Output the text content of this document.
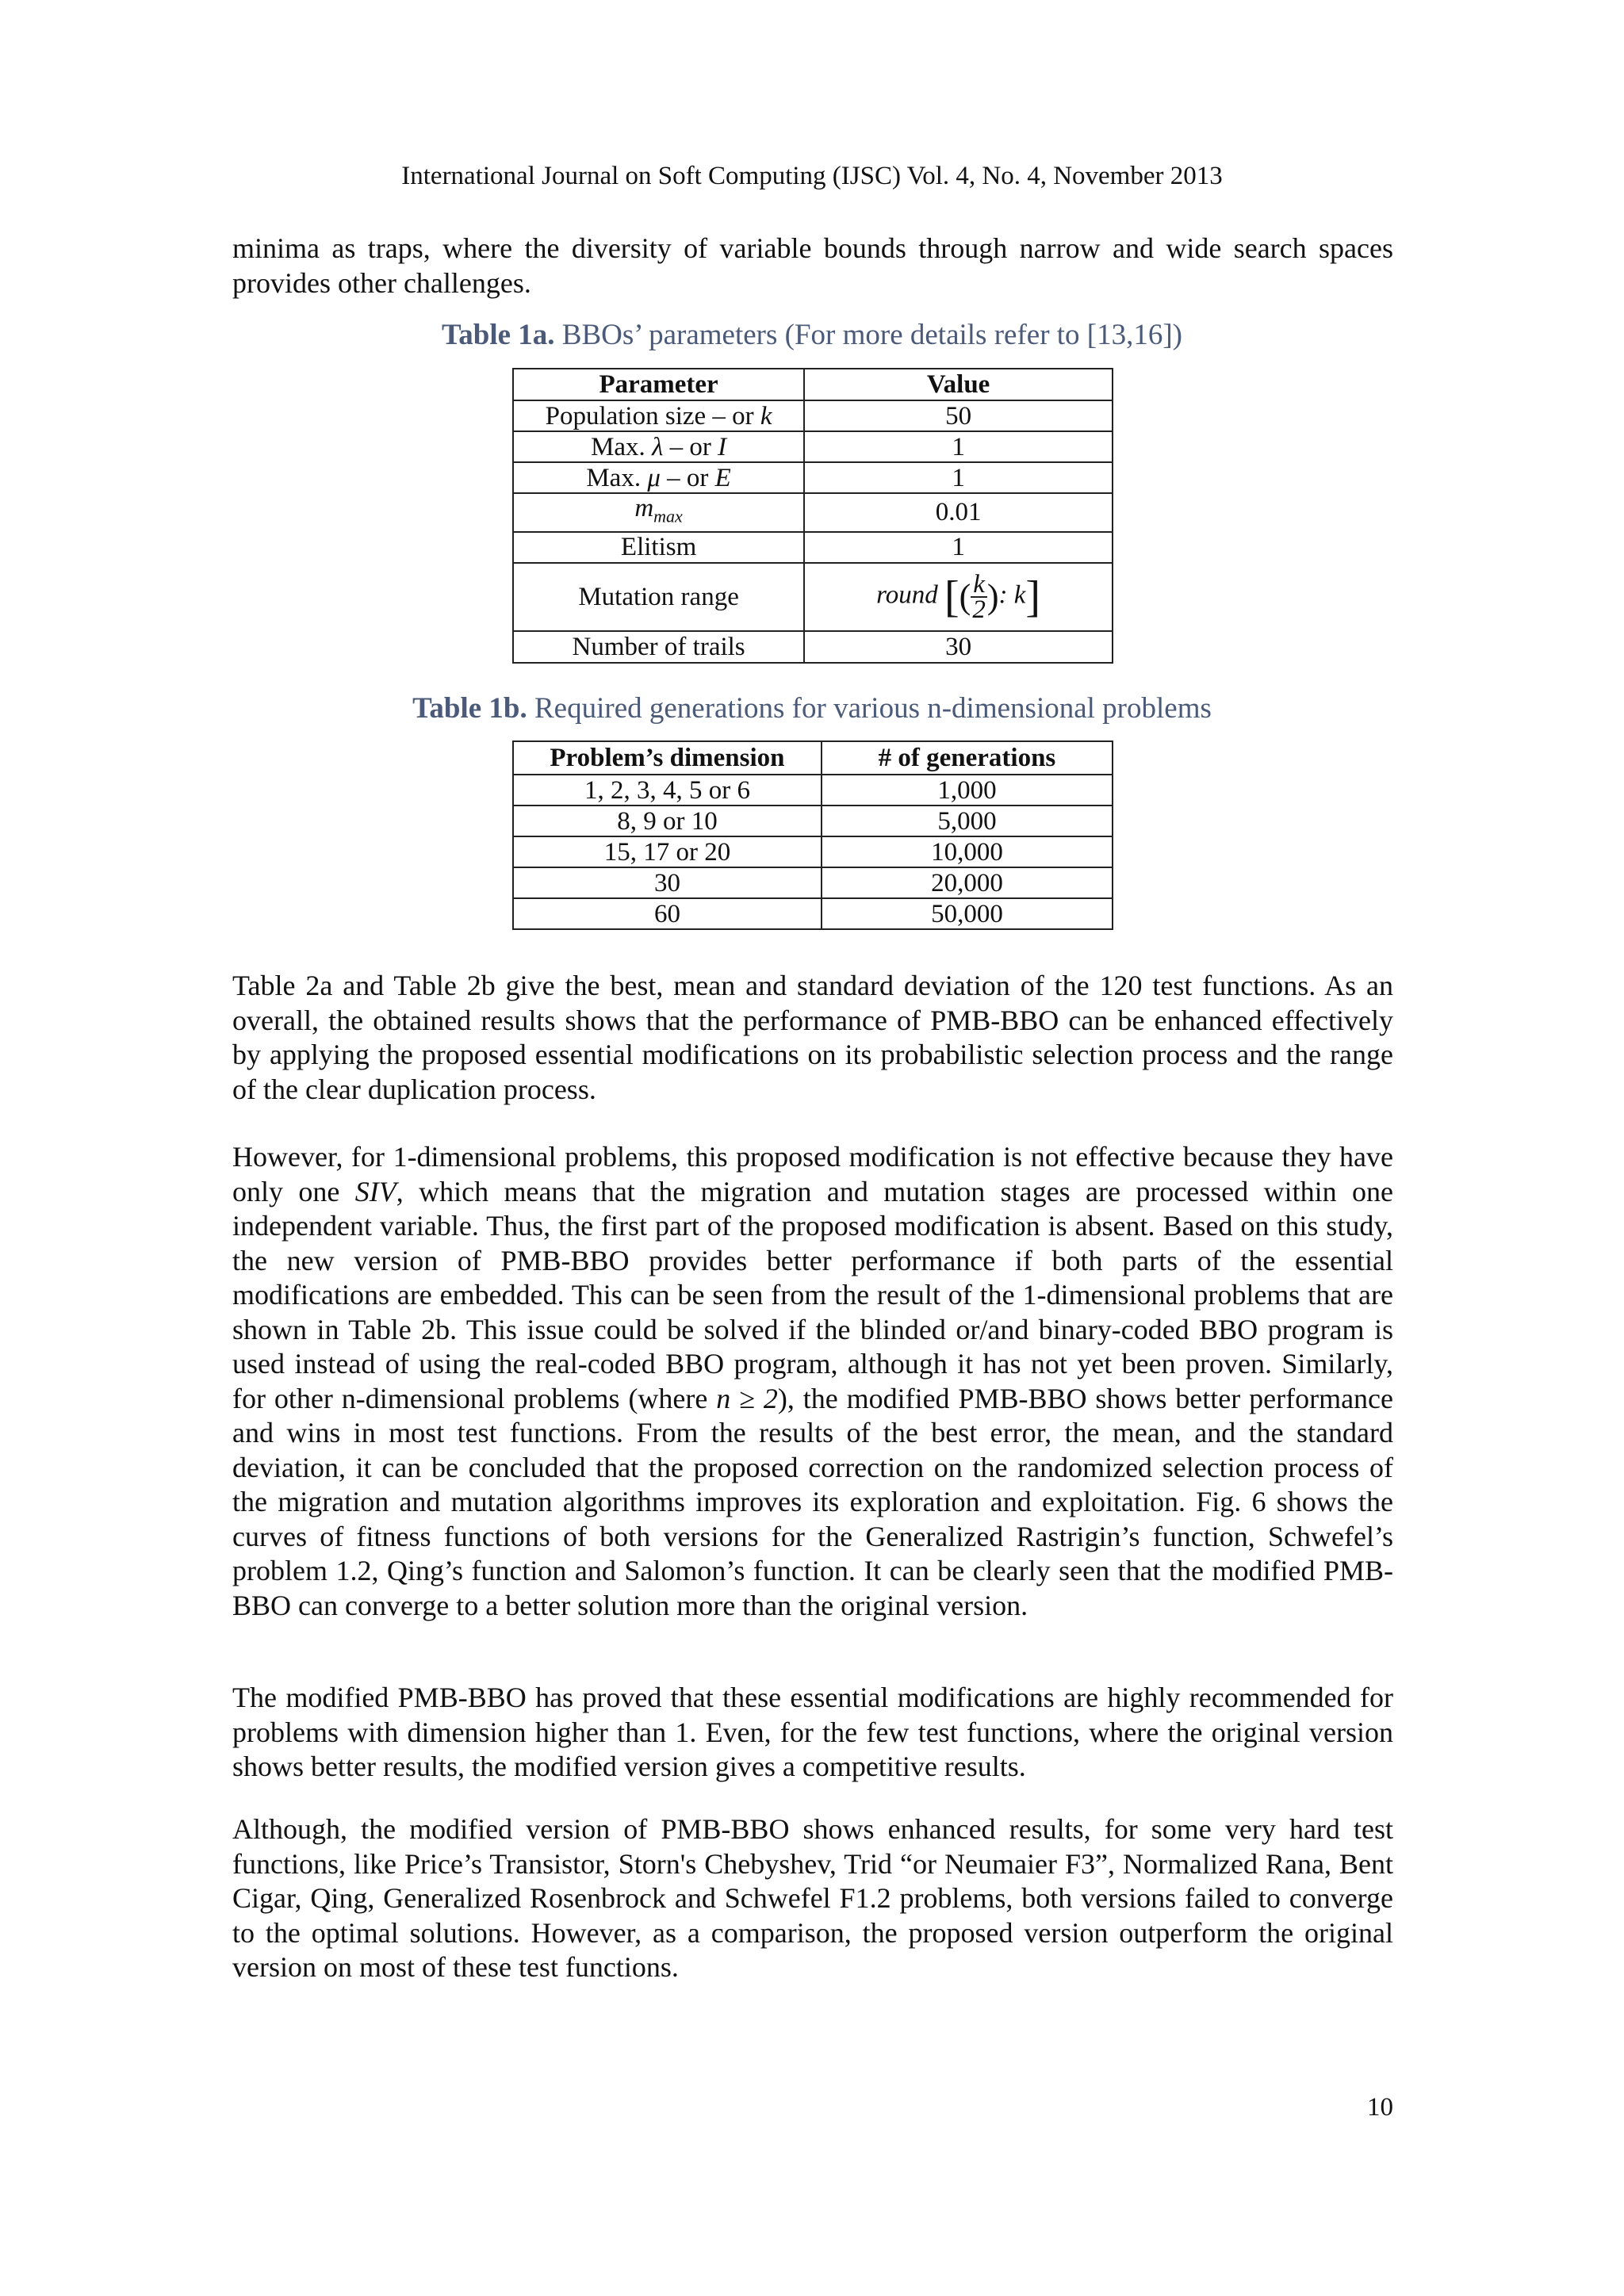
International Journal on Soft Computing (IJSC) Vol. 4, No. 4, November 2013

minima as traps, where the diversity of variable bounds through narrow and wide search spaces provides other challenges.

Table 1a. BBOs’ parameters (For more details refer to [13,16])
Parameter	Value
Population size – or k	50
Max. λ – or I	1
Max. μ – or E	1
$m_{max}$	0.01
Elitism	1
Mutation range	round [( $\frac{k}{2}$ ): k]
Number of trails	30
Table 1b. Required generations for various n-dimensional problems
Problem’s dimension	# of generations
1, 2, 3, 4, 5 or 6	1,000
8, 9 or 10	5,000
15, 17 or 20	10,000
30	20,000
60	50,000

Table 2a and Table 2b give the best, mean and standard deviation of the 120 test functions. As an overall, the obtained results shows that the performance of PMB-BBO can be enhanced effectively by applying the proposed essential modifications on its probabilistic selection process and the range of the clear duplication process.

However, for 1-dimensional problems, this proposed modification is not effective because they have only one SIV, which means that the migration and mutation stages are processed within one independent variable. Thus, the first part of the proposed modification is absent. Based on this study, the new version of PMB-BBO provides better performance if both parts of the essential modifications are embedded. This can be seen from the result of the 1-dimensional problems that are shown in Table 2b. This issue could be solved if the blinded or/and binary-coded BBO program is used instead of using the real-coded BBO program, although it has not yet been proven. Similarly, for other n-dimensional problems (where n ≥ 2), the modified PMB-BBO shows better performance and wins in most test functions. From the results of the best error, the mean, and the standard deviation, it can be concluded that the proposed correction on the randomized selection process of the migration and mutation algorithms improves its exploration and exploitation. Fig. 6 shows the curves of fitness functions of both versions for the Generalized Rastrigin’s function, Schwefel’s problem 1.2, Qing’s function and Salomon’s function. It can be clearly seen that the modified PMB-BBO can converge to a better solution more than the original version.

The modified PMB-BBO has proved that these essential modifications are highly recommended for problems with dimension higher than 1. Even, for the few test functions, where the original version shows better results, the modified version gives a competitive results.

Although, the modified version of PMB-BBO shows enhanced results, for some very hard test functions, like Price’s Transistor, Storn's Chebyshev, Trid “or Neumaier F3”, Normalized Rana, Bent Cigar, Qing, Generalized Rosenbrock and Schwefel F1.2 problems, both versions failed to converge to the optimal solutions. However, as a comparison, the proposed version outperform the original version on most of these test functions.

10
